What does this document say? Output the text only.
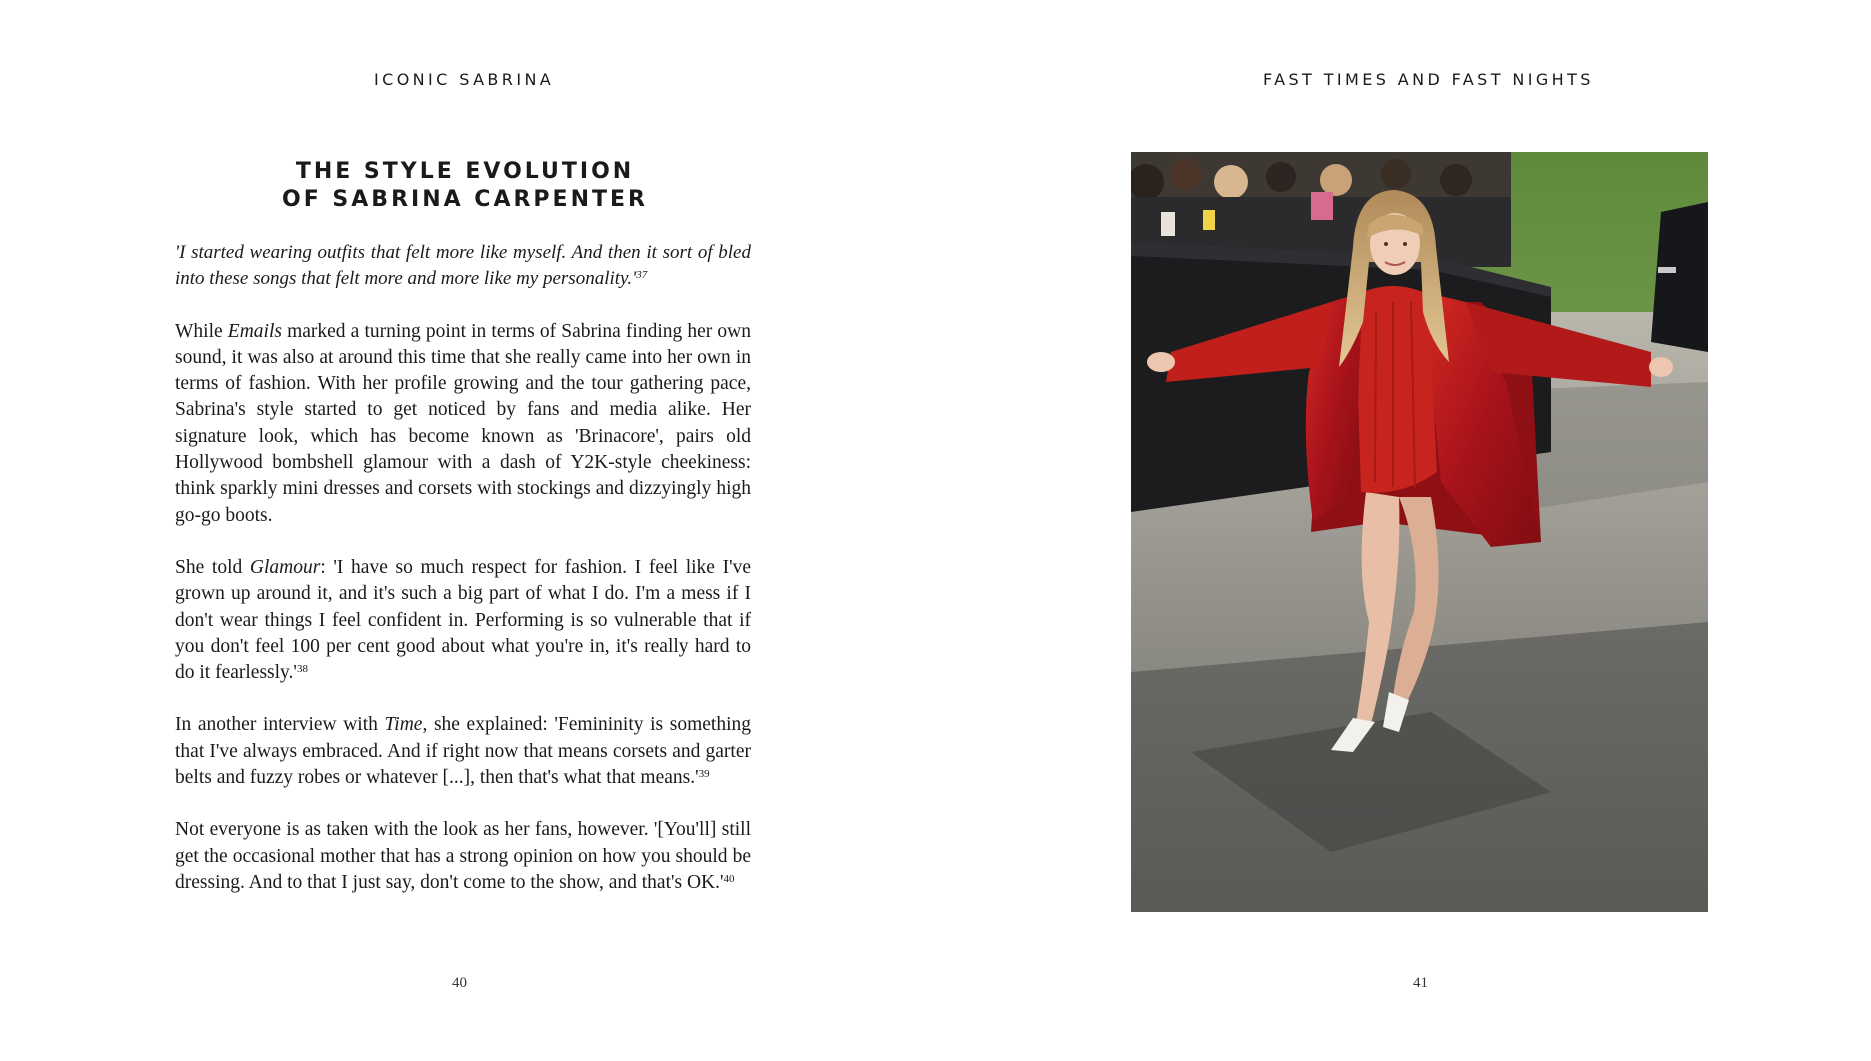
ICONIC SABRINA
THE STYLE EVOLUTION
OF SABRINA CARPENTER

'I started wearing outfits that felt more like myself. And then it sort of bled into these songs that felt more and more like my $personality.'^{37}$

While Emails marked a turning point in terms of Sabrina finding her own sound, it was also at around this time that she really came into her own in terms of fashion. With her profile growing and the tour gathering pace, Sabrina's style started to get noticed by fans and media alike. Her signature look, which has become known as 'Brinacore', pairs old Hollywood bombshell glamour with a dash of Y2K-style cheekiness: think sparkly mini dresses and corsets with stockings and dizzyingly high go-go boots.

She told Glamour: 'I have so much respect for fashion. I feel like I've grown up around it, and it's such a big part of what I do. I'm a mess if I don't wear things I feel confident in. Performing is so vulnerable that if you don't feel 100 per cent good about what you're in, it's really hard to do it $fearlessly.'^{38}$

In another interview with Time, she explained: 'Femininity is something that I've always embraced. And if right now that means corsets and garter belts and fuzzy robes or whatever [...], then that's what that $means.'^{39}$

Not everyone is as taken with the look as her fans, however. '[You'll] still get the occasional mother that has a strong opinion on how you should be dressing. And to that I just say, don't come to the show, and that's $OK.'^{40}$

40
FAST TIMES AND FAST NIGHTS
41
